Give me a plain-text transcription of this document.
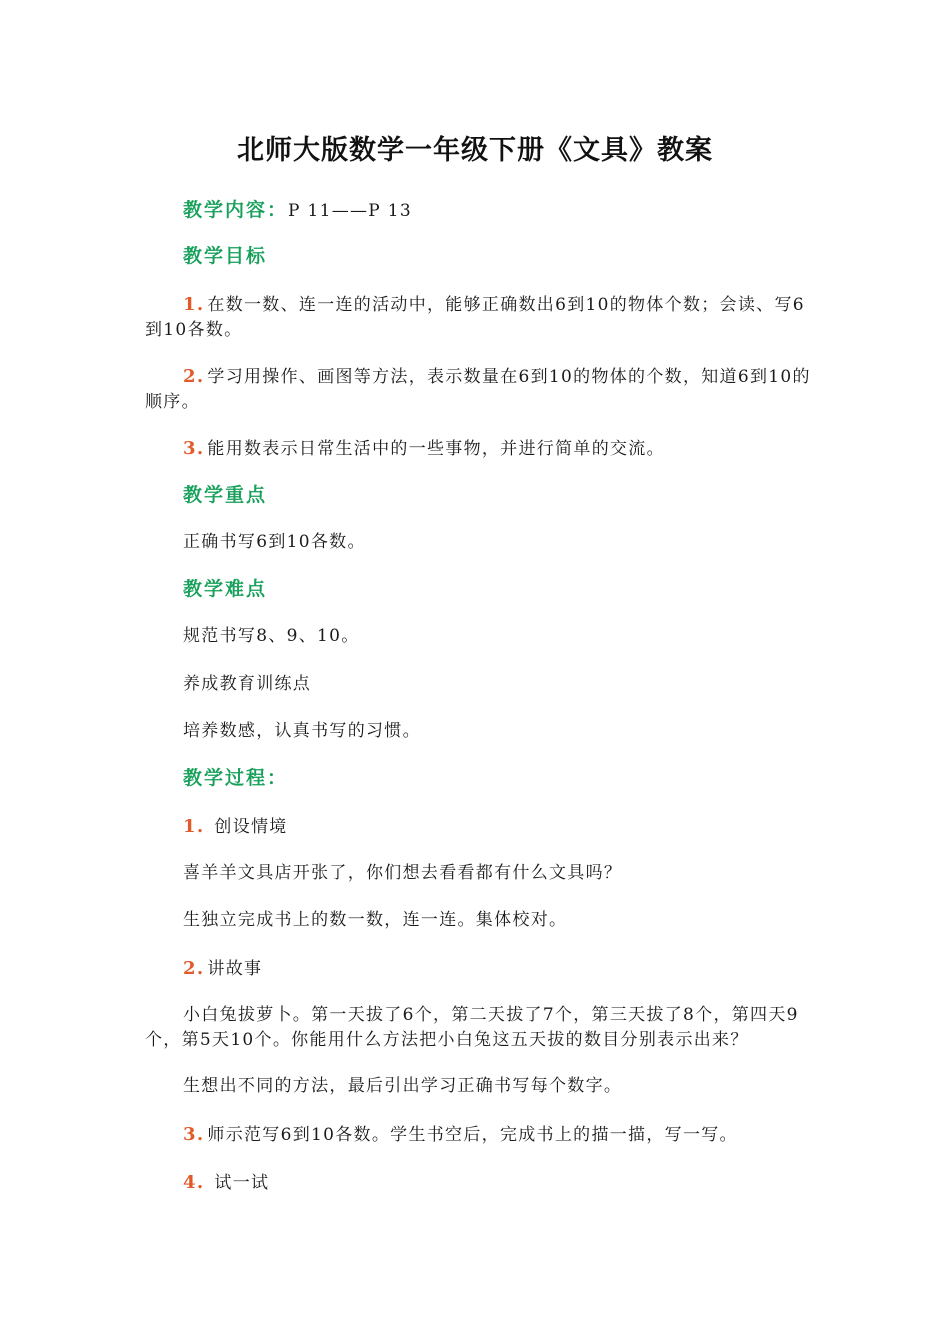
北师大版数学一年级下册《文具》教案
教学内容：P 11——P 13
教学目标
1. 在数一数、连一连的活动中，能够正确数出6到10的物体个数；会读、写6到10各数。
2. 学习用操作、画图等方法，表示数量在6到10的物体的个数，知道6到10的顺序。
3. 能用数表示日常生活中的一些事物，并进行简单的交流。
教学重点
正确书写6到10各数。
教学难点
规范书写8、9、10。
养成教育训练点
培养数感，认真书写的习惯。
教学过程：
1. 创设情境
喜羊羊文具店开张了，你们想去看看都有什么文具吗？
生独立完成书上的数一数，连一连。集体校对。
2. 讲故事
小白兔拔萝卜。第一天拔了6个，第二天拔了7个，第三天拔了8个，第四天9个，第5天10个。你能用什么方法把小白兔这五天拔的数目分别表示出来？
生想出不同的方法，最后引出学习正确书写每个数字。
3. 师示范写6到10各数。学生书空后，完成书上的描一描，写一写。
4. 试一试
